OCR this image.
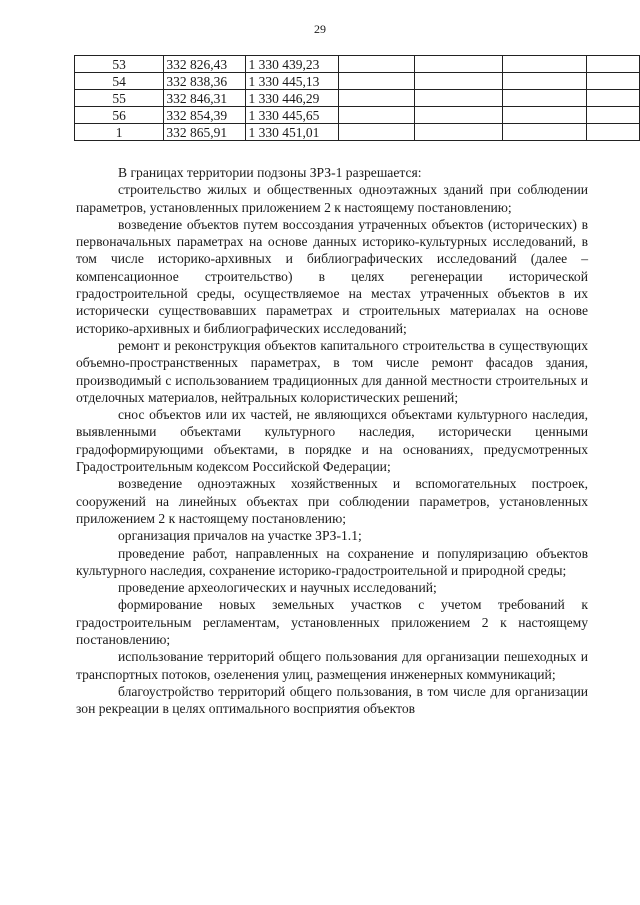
29
53	332 826,43	1 330 439,23				
54	332 838,36	1 330 445,13				
55	332 846,31	1 330 446,29				
56	332 854,39	1 330 445,65				
1	332 865,91	1 330 451,01				

В границах территории подзоны ЗРЗ-1 разрешается:

строительство жилых и общественных одноэтажных зданий при соблюдении параметров, установленных приложением 2 к настоящему постановлению;

возведение объектов путем воссоздания утраченных объектов (исторических) в первоначальных параметрах на основе данных историко-культурных исследований, в том числе историко-архивных и библиографических исследований (далее – компенсационное строительство) в целях регенерации исторической градостроительной среды, осуществляемое на местах утраченных объектов в их исторически существовавших параметрах и строительных материалах на основе историко-архивных и библиографических исследований;

ремонт и реконструкция объектов капитального строительства в существующих объемно-пространственных параметрах, в том числе ремонт фасадов здания, производимый с использованием традиционных для данной местности строительных и отделочных материалов, нейтральных колористических решений;

снос объектов или их частей, не являющихся объектами культурного наследия, выявленными объектами культурного наследия, исторически ценными градоформирующими объектами, в порядке и на основаниях, предусмотренных Градостроительным кодексом Российской Федерации;

возведение одноэтажных хозяйственных и вспомогательных построек, сооружений на линейных объектах при соблюдении параметров, установленных приложением 2 к настоящему постановлению;

организация причалов на участке ЗРЗ-1.1;

проведение работ, направленных на сохранение и популяризацию объектов культурного наследия, сохранение историко-градостроительной и природной среды;

проведение археологических и научных исследований;

формирование новых земельных участков с учетом требований к градостроительным регламентам, установленных приложением 2 к настоящему постановлению;

использование территорий общего пользования для организации пешеходных и транспортных потоков, озеленения улиц, размещения инженерных коммуникаций;

благоустройство территорий общего пользования, в том числе для организации зон рекреации в целях оптимального восприятия объектов
